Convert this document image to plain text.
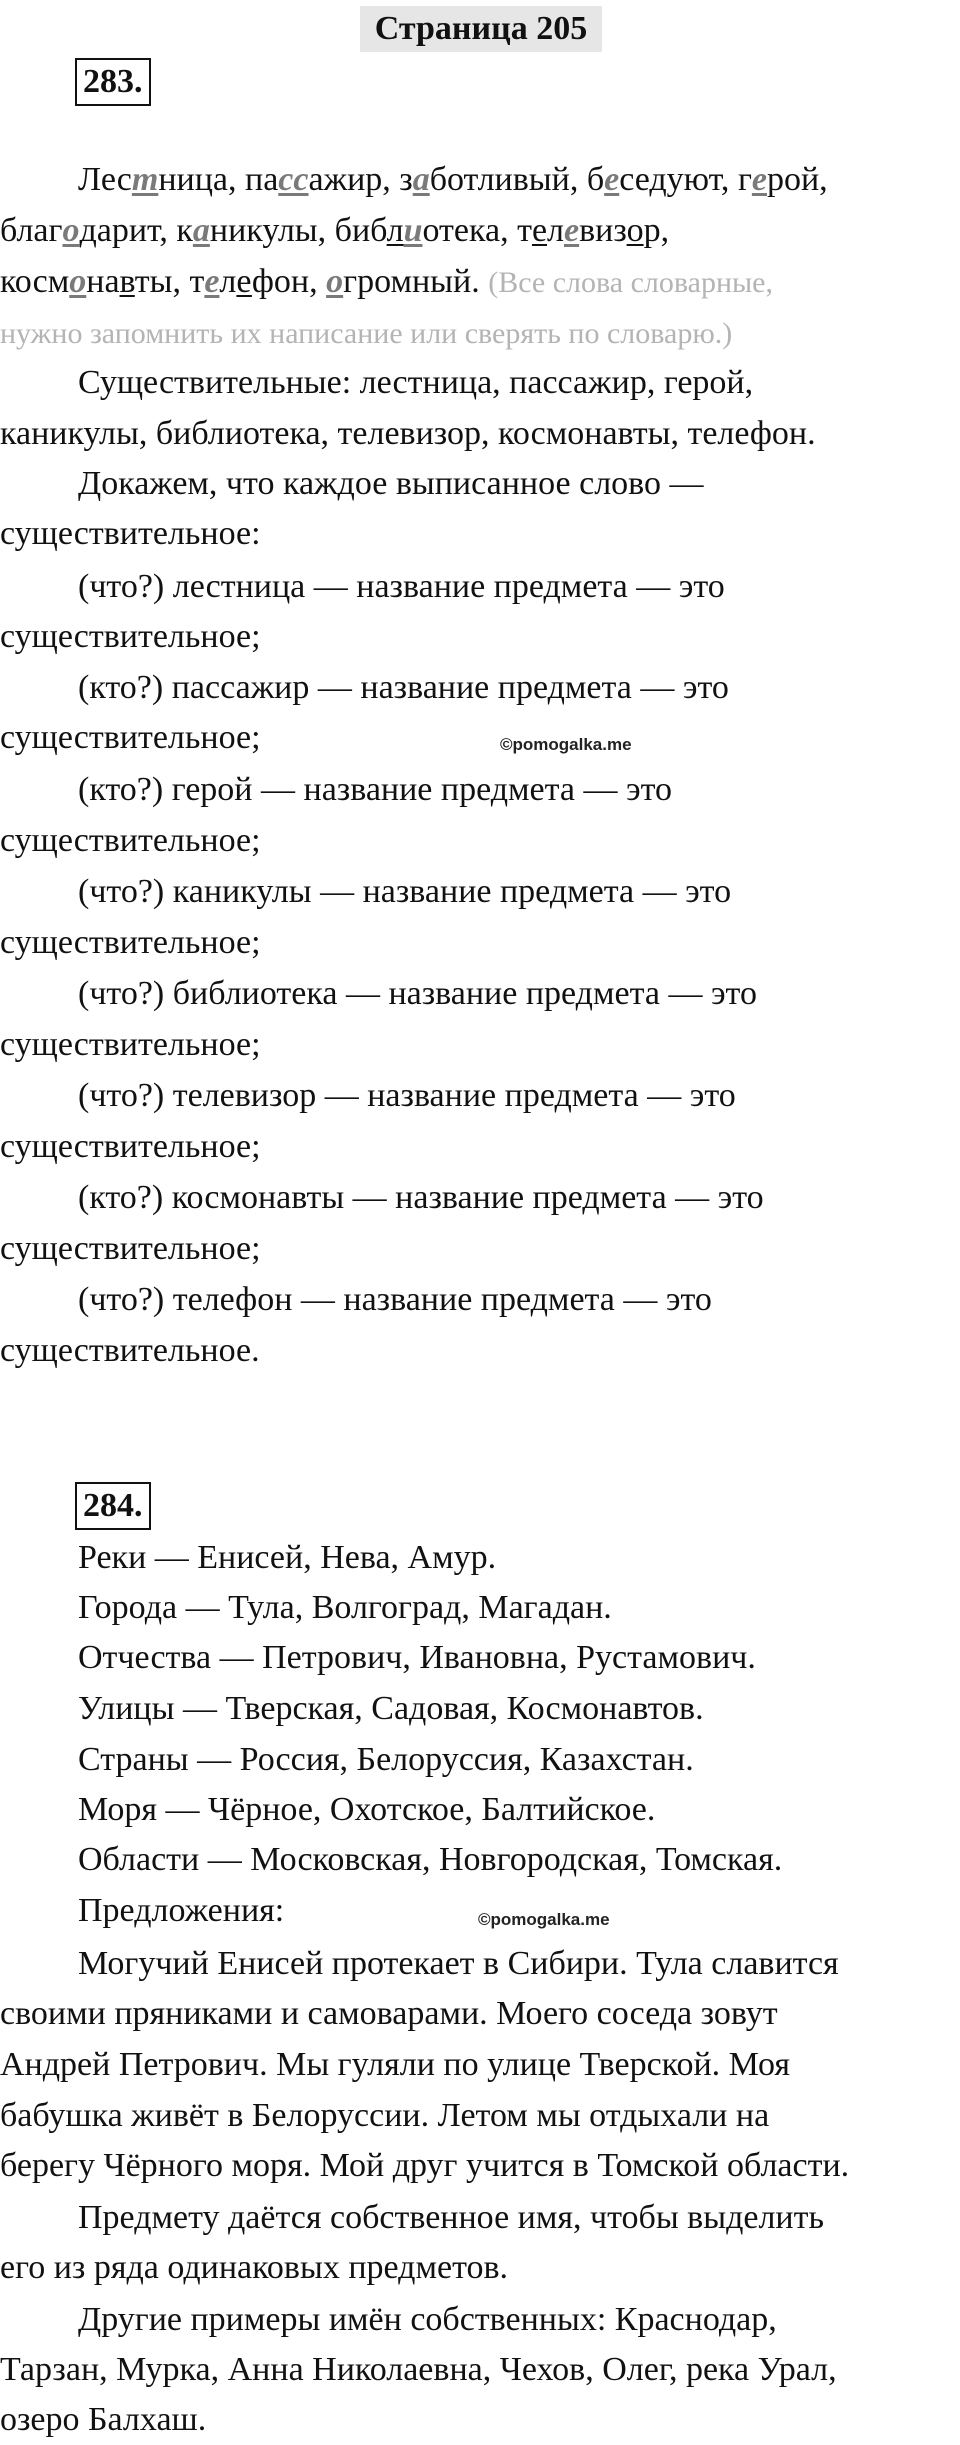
Страница 205
283.
Лестница, пассажир, заботливый, беседуют, герой,
благодарит, каникулы, библиотека, телевизор,
космонавты, телефон, огромный. (Все слова словарные,
нужно запомнить их написание или сверять по словарю.)
Существительные: лестница, пассажир, герой,
каникулы, библиотека, телевизор, космонавты, телефон.
Докажем, что каждое выписанное слово —
существительное:
(что?) лестница — название предмета — это
существительное;
(кто?) пассажир — название предмета — это
существительное;	©pomogalka.me
(кто?) герой — название предмета — это
существительное;
(что?) каникулы — название предмета — это
существительное;
(что?) библиотека — название предмета — это
существительное;
(что?) телевизор — название предмета — это
существительное;
(кто?) космонавты — название предмета — это
существительное;
(что?) телефон — название предмета — это
существительное.
284.
Реки — Енисей, Нева, Амур.
Города — Тула, Волгоград, Магадан.
Отчества — Петрович, Ивановна, Рустамович.
Улицы — Тверская, Садовая, Космонавтов.
Страны — Россия, Белоруссия, Казахстан.
Моря — Чёрное, Охотское, Балтийское.
Области — Московская, Новгородская, Томская.
Предложения:	©pomogalka.me
Могучий Енисей протекает в Сибири. Тула славится
своими пряниками и самоварами. Моего соседа зовут
Андрей Петрович. Мы гуляли по улице Тверской. Моя
бабушка живёт в Белоруссии. Летом мы отдыхали на
берегу Чёрного моря. Мой друг учится в Томской области.
Предмету даётся собственное имя, чтобы выделить
его из ряда одинаковых предметов.
Другие примеры имён собственных: Краснодар,
Тарзан, Мурка, Анна Николаевна, Чехов, Олег, река Урал,
озеро Балхаш.
